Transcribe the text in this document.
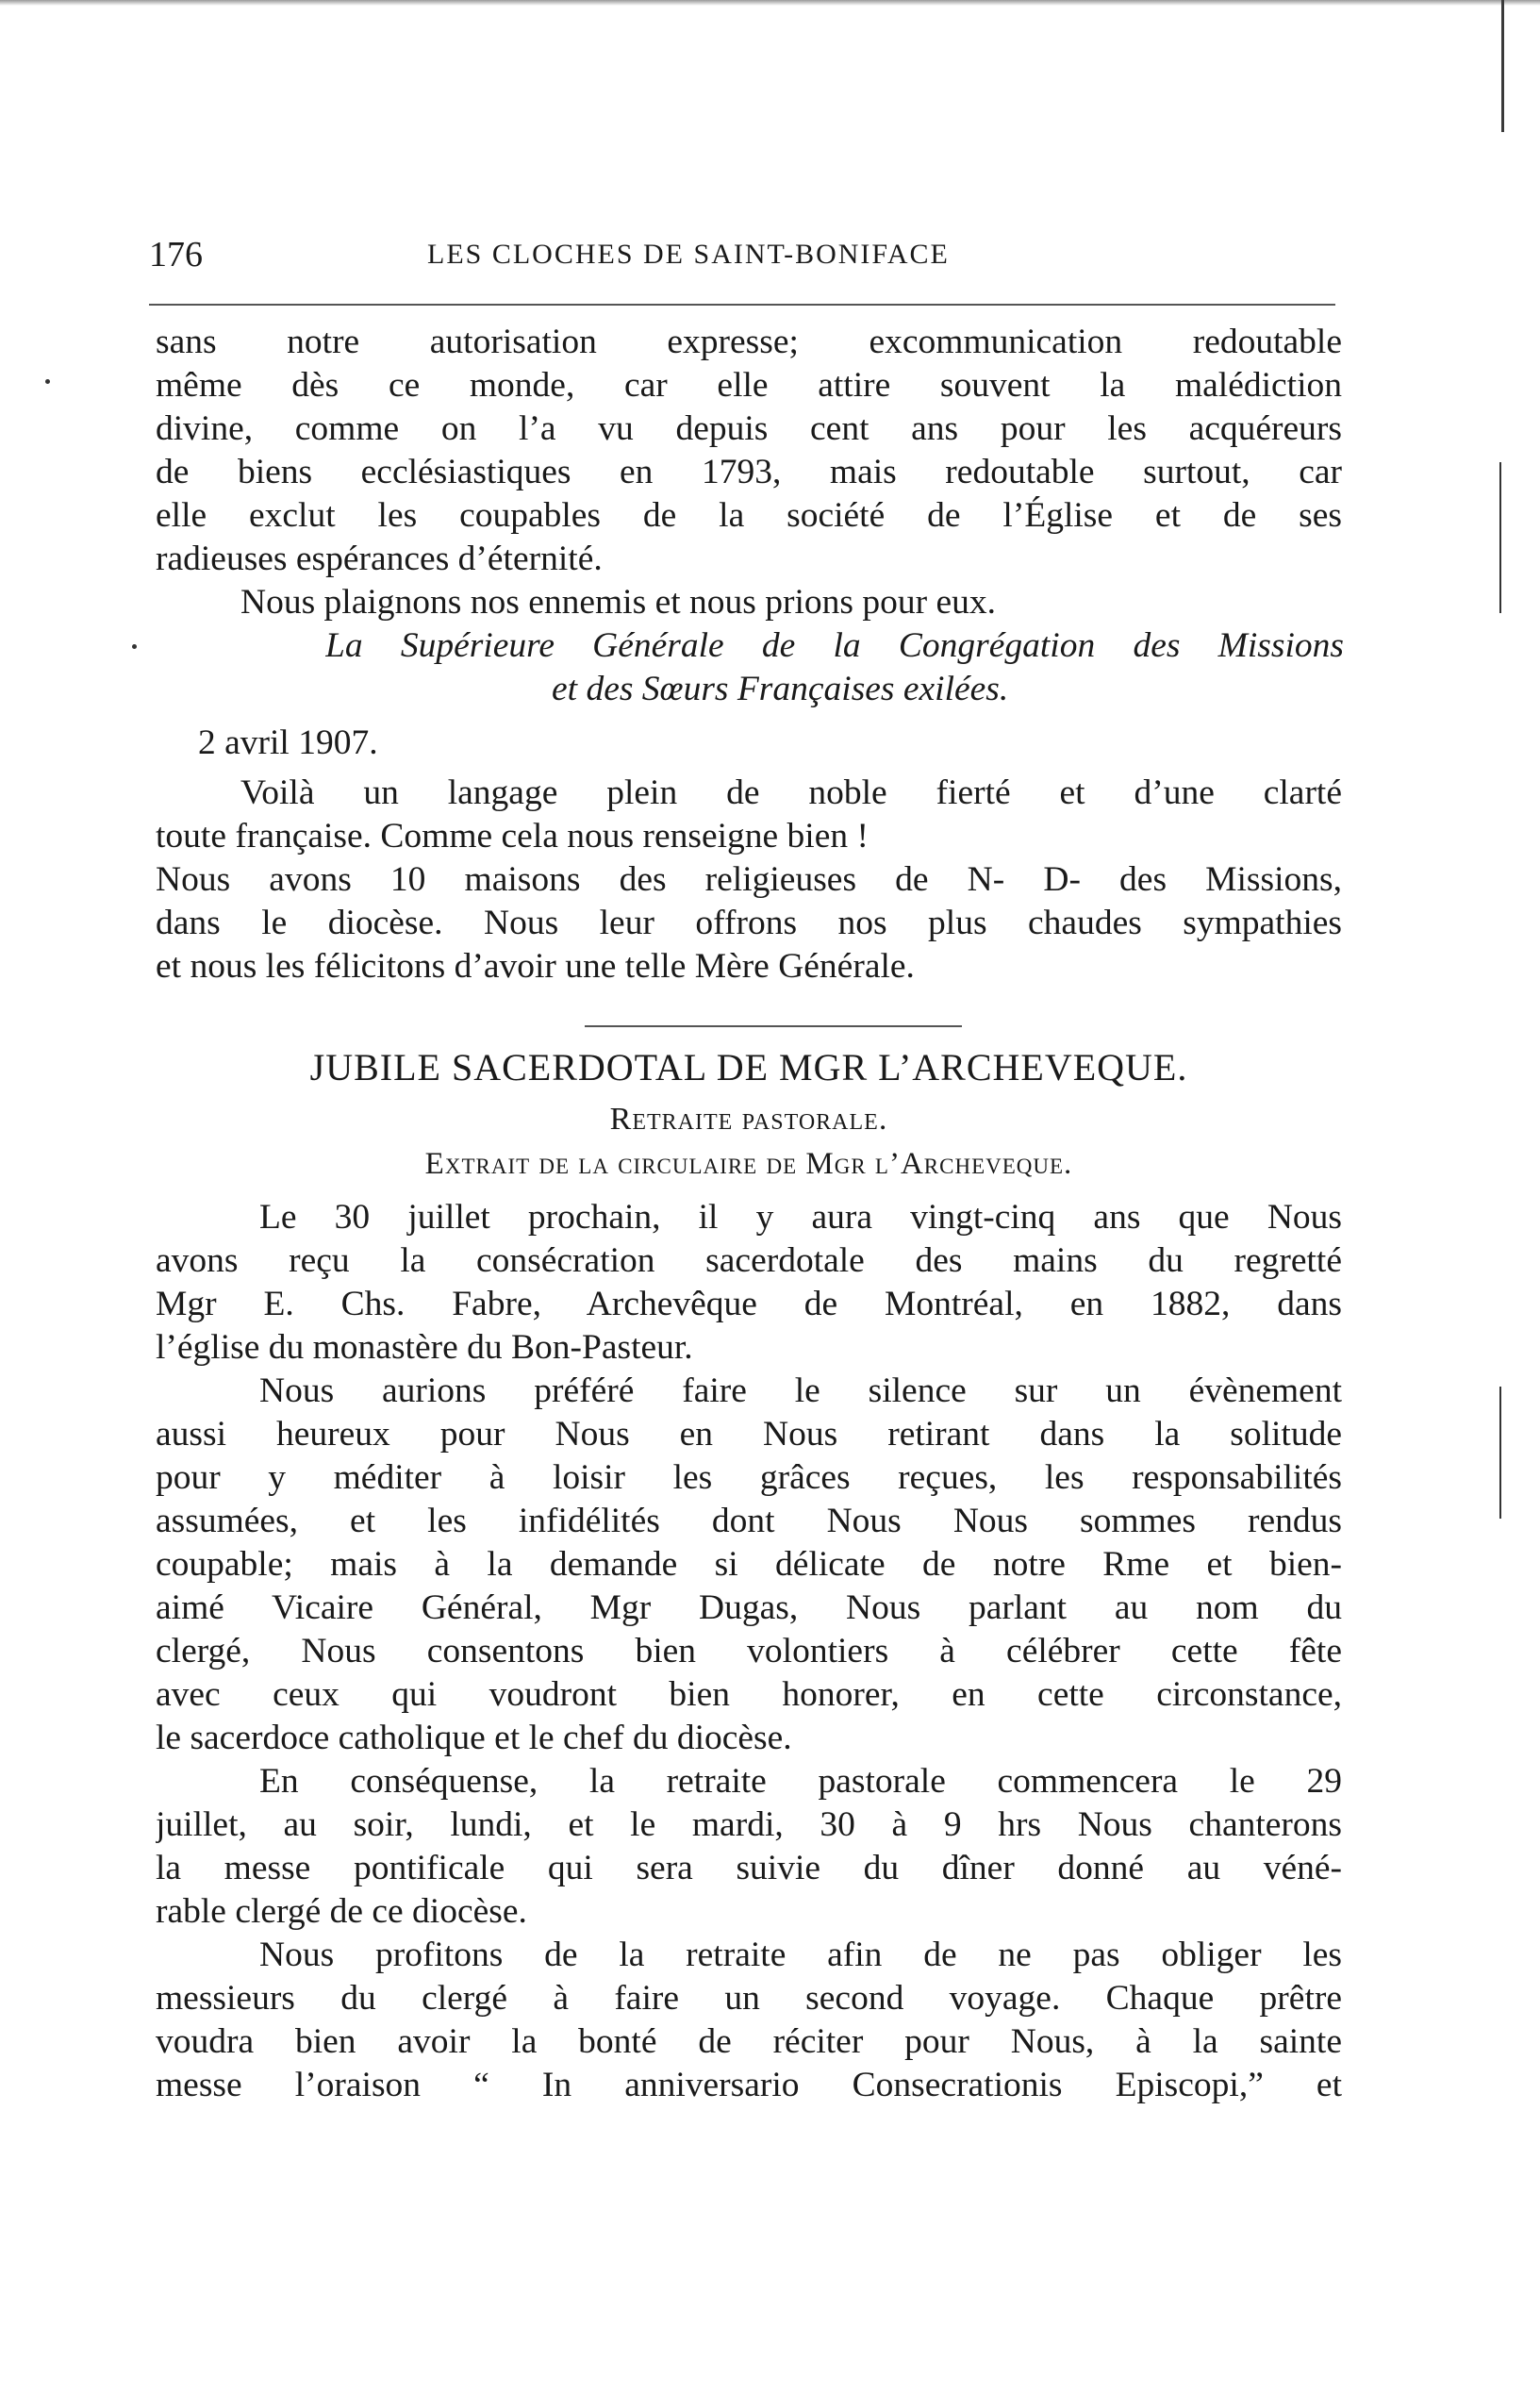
176	LES CLOCHES DE SAINT-BONIFACE
sans notre autorisation expresse; excommunication redoutable
même dès ce monde, car elle attire souvent la malédiction
divine, comme on l’a vu depuis cent ans pour les acquéreurs
de biens ecclésiastiques en 1793, mais redoutable surtout, car
elle exclut les coupables de la société de l’Église et de ses
radieuses espérances d’éternité.
Nous plaignons nos ennemis et nous prions pour eux.
La Supérieure Générale de la Congrégation des Missions
et des Sœurs Françaises exilées.
2 avril 1907.
Voilà un langage plein de noble fierté et d’une clarté
toute française. Comme cela nous renseigne bien !
Nous avons 10 maisons des religieuses de N- D- des Missions,
dans le diocèse. Nous leur offrons nos plus chaudes sympathies
et nous les félicitons d’avoir une telle Mère Générale.
JUBILE SACERDOTAL DE MGR L’ARCHEVEQUE.
Retraite pastorale.
Extrait de la circulaire de Mgr l’Archeveque.
Le 30 juillet prochain, il y aura vingt-cinq ans que Nous
avons reçu la consécration sacerdotale des mains du regretté
Mgr E. Chs. Fabre, Archevêque de Montréal, en 1882, dans
l’église du monastère du Bon-Pasteur.
Nous aurions préféré faire le silence sur un évènement
aussi heureux pour Nous en Nous retirant dans la solitude
pour y méditer à loisir les grâces reçues, les responsabilités
assumées, et les infidélités dont Nous Nous sommes rendus
coupable; mais à la demande si délicate de notre Rme et bien-
aimé Vicaire Général, Mgr Dugas, Nous parlant au nom du
clergé, Nous consentons bien volontiers à célébrer cette fête
avec ceux qui voudront bien honorer, en cette circonstance,
le sacerdoce catholique et le chef du diocèse.
En conséquense, la retraite pastorale commencera le 29
juillet, au soir, lundi, et le mardi, 30 à 9 hrs Nous chanterons
la messe pontificale qui sera suivie du dîner donné au véné-
rable clergé de ce diocèse.
Nous profitons de la retraite afin de ne pas obliger les
messieurs du clergé à faire un second voyage. Chaque prêtre
voudra bien avoir la bonté de réciter pour Nous, à la sainte
messe l’oraison “ In anniversario Consecrationis Episcopi,” et
